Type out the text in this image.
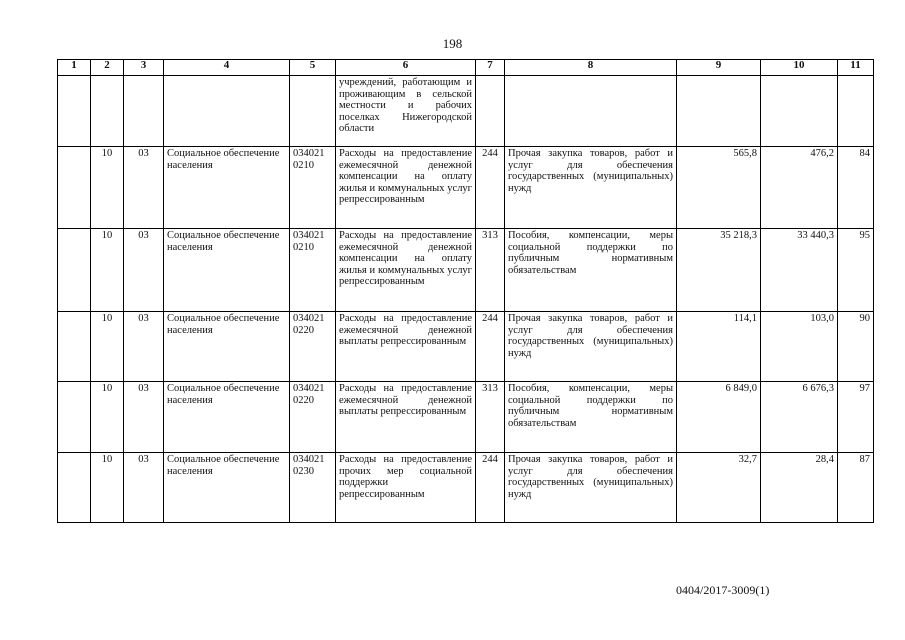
198
1	2	3	4	5	6	7	8	9	10	11
					учреждений, работающим и проживающим в сельской местности и рабочих поселках Нижегородской области					
	10	03	Социальное обеспечение населения	034021 0210	Расходы на предоставление ежемесячной денежной компенсации на оплату жилья и коммунальных услуг репрессированным	244	Прочая закупка товаров, работ и услуг для обеспечения государственных (муниципальных) нужд	565,8	476,2	84
	10	03	Социальное обеспечение населения	034021 0210	Расходы на предоставление ежемесячной денежной компенсации на оплату жилья и коммунальных услуг репрессированным	313	Пособия, компенсации, меры социальной поддержки по публичным нормативным обязательствам	35 218,3	33 440,3	95
	10	03	Социальное обеспечение населения	034021 0220	Расходы на предоставление ежемесячной денежной выплаты репрессированным	244	Прочая закупка товаров, работ и услуг для обеспечения государственных (муниципальных) нужд	114,1	103,0	90
	10	03	Социальное обеспечение населения	034021 0220	Расходы на предоставление ежемесячной денежной выплаты репрессированным	313	Пособия, компенсации, меры социальной поддержки по публичным нормативным обязательствам	6 849,0	6 676,3	97
	10	03	Социальное обеспечение населения	034021 0230	Расходы на предоставление прочих мер социальной поддержки репрессированным	244	Прочая закупка товаров, работ и услуг для обеспечения государственных (муниципальных) нужд	32,7	28,4	87
0404/2017-3009(1)
